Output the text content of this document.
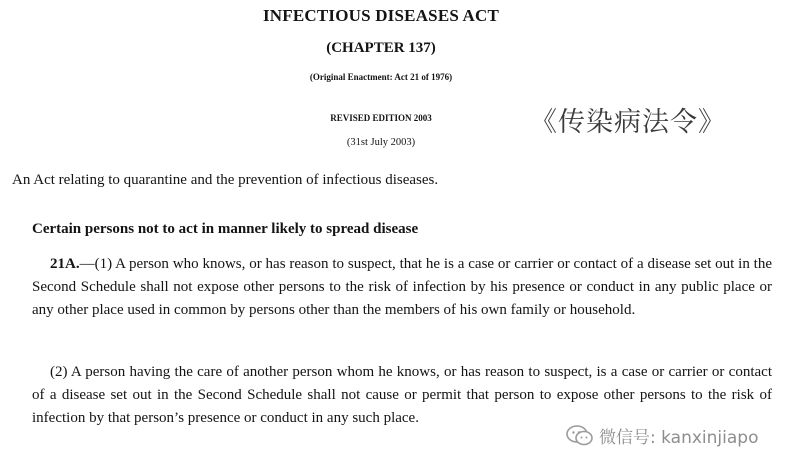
INFECTIOUS DISEASES ACT
(CHAPTER 137)
(Original Enactment: Act 21 of 1976)
REVISED EDITION 2003
(31st July 2003)
《传染病法令》

An Act relating to quarantine and the prevention of infectious diseases.

Certain persons not to act in manner likely to spread disease

21A.—(1) A person who knows, or has reason to suspect, that he is a case or carrier or contact of a disease set out in the Second Schedule shall not expose other persons to the risk of infection by his presence or conduct in any public place or any other place used in common by persons other than the members of his own family or household.

(2) A person having the care of another person whom he knows, or has reason to suspect, is a case or carrier or contact of a disease set out in the Second Schedule shall not cause or permit that person to expose other persons to the risk of infection by that person’s presence or conduct in any such place.

微信号: kanxinjiapo
